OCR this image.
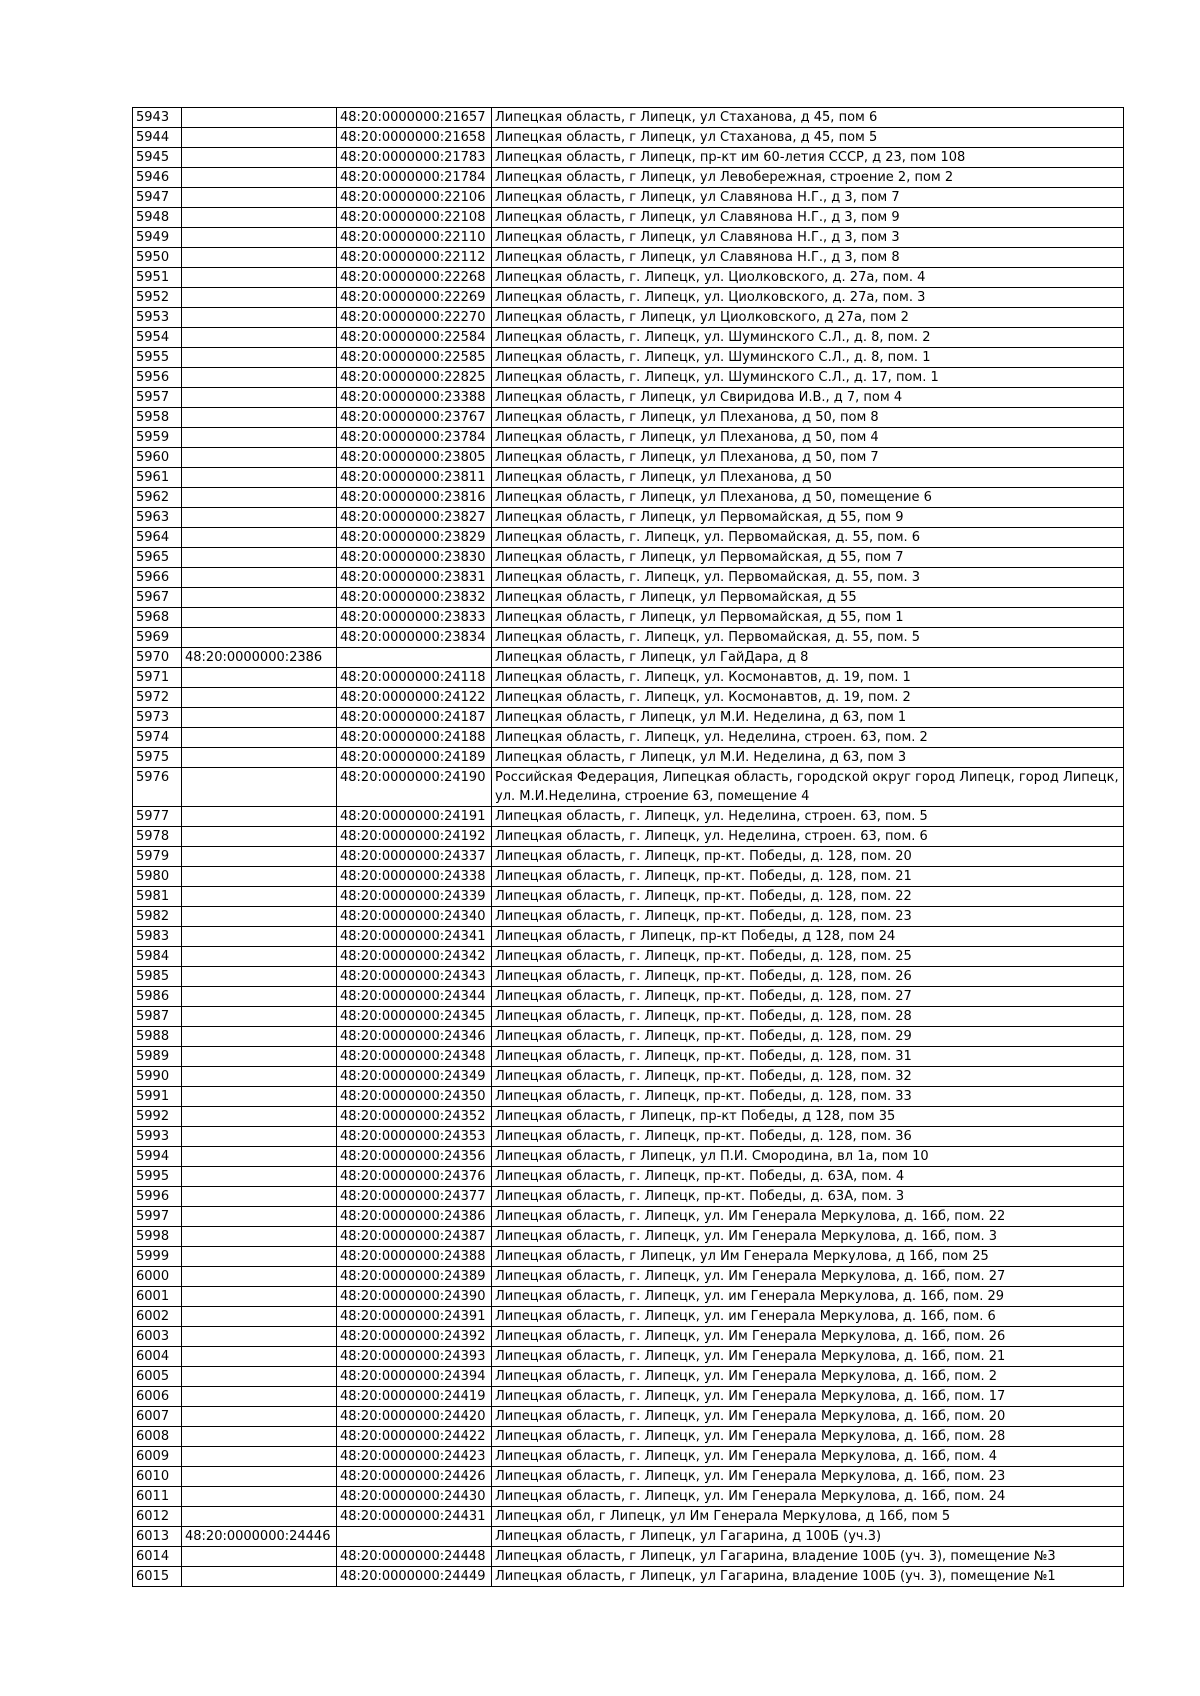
5943		48:20:0000000:21657	Липецкая область, г Липецк, ул Стаханова, д 45, пом 6
5944		48:20:0000000:21658	Липецкая область, г Липецк, ул Стаханова, д 45, пом 5
5945		48:20:0000000:21783	Липецкая область, г Липецк, пр-кт им 60-летия СССР, д 23, пом 108
5946		48:20:0000000:21784	Липецкая область, г Липецк, ул Левобережная, строение 2, пом 2
5947		48:20:0000000:22106	Липецкая область, г Липецк, ул Славянова Н.Г., д 3, пом 7
5948		48:20:0000000:22108	Липецкая область, г Липецк, ул Славянова Н.Г., д 3, пом 9
5949		48:20:0000000:22110	Липецкая область, г Липецк, ул Славянова Н.Г., д 3, пом 3
5950		48:20:0000000:22112	Липецкая область, г Липецк, ул Славянова Н.Г., д 3, пом 8
5951		48:20:0000000:22268	Липецкая область, г. Липецк, ул. Циолковского, д. 27а, пом. 4
5952		48:20:0000000:22269	Липецкая область, г. Липецк, ул. Циолковского, д. 27а, пом. 3
5953		48:20:0000000:22270	Липецкая область, г Липецк, ул Циолковского, д 27а, пом 2
5954		48:20:0000000:22584	Липецкая область, г. Липецк, ул. Шуминского С.Л., д. 8, пом. 2
5955		48:20:0000000:22585	Липецкая область, г. Липецк, ул. Шуминского С.Л., д. 8, пом. 1
5956		48:20:0000000:22825	Липецкая область, г. Липецк, ул. Шуминского С.Л., д. 17, пом. 1
5957		48:20:0000000:23388	Липецкая область, г Липецк, ул Свиридова И.В., д 7, пом 4
5958		48:20:0000000:23767	Липецкая область, г Липецк, ул Плеханова, д 50, пом 8
5959		48:20:0000000:23784	Липецкая область, г Липецк, ул Плеханова, д 50, пом 4
5960		48:20:0000000:23805	Липецкая область, г Липецк, ул Плеханова, д 50, пом 7
5961		48:20:0000000:23811	Липецкая область, г Липецк, ул Плеханова, д 50
5962		48:20:0000000:23816	Липецкая область, г Липецк, ул Плеханова, д 50, помещение 6
5963		48:20:0000000:23827	Липецкая область, г Липецк, ул Первомайская, д 55, пом 9
5964		48:20:0000000:23829	Липецкая область, г. Липецк, ул. Первомайская, д. 55, пом. 6
5965		48:20:0000000:23830	Липецкая область, г Липецк, ул Первомайская, д 55, пом 7
5966		48:20:0000000:23831	Липецкая область, г. Липецк, ул. Первомайская, д. 55, пом. 3
5967		48:20:0000000:23832	Липецкая область, г Липецк, ул Первомайская, д 55
5968		48:20:0000000:23833	Липецкая область, г Липецк, ул Первомайская, д 55, пом 1
5969		48:20:0000000:23834	Липецкая область, г. Липецк, ул. Первомайская, д. 55, пом. 5
5970	48:20:0000000:2386		Липецкая область, г Липецк, ул ГайДара, д 8
5971		48:20:0000000:24118	Липецкая область, г. Липецк, ул. Космонавтов, д. 19, пом. 1
5972		48:20:0000000:24122	Липецкая область, г. Липецк, ул. Космонавтов, д. 19, пом. 2
5973		48:20:0000000:24187	Липецкая область, г Липецк, ул М.И. Неделина, д 63, пом 1
5974		48:20:0000000:24188	Липецкая область, г. Липецк, ул. Неделина, строен. 63, пом. 2
5975		48:20:0000000:24189	Липецкая область, г Липецк, ул М.И. Неделина, д 63, пом 3
5976		48:20:0000000:24190	Российская Федерация, Липецкая область, городской округ город Липецк, город Липецк, ул. М.И.Неделина, строение 63, помещение 4
5977		48:20:0000000:24191	Липецкая область, г. Липецк, ул. Неделина, строен. 63, пом. 5
5978		48:20:0000000:24192	Липецкая область, г. Липецк, ул. Неделина, строен. 63, пом. 6
5979		48:20:0000000:24337	Липецкая область, г. Липецк, пр-кт. Победы, д. 128, пом. 20
5980		48:20:0000000:24338	Липецкая область, г. Липецк, пр-кт. Победы, д. 128, пом. 21
5981		48:20:0000000:24339	Липецкая область, г. Липецк, пр-кт. Победы, д. 128, пом. 22
5982		48:20:0000000:24340	Липецкая область, г. Липецк, пр-кт. Победы, д. 128, пом. 23
5983		48:20:0000000:24341	Липецкая область, г Липецк, пр-кт Победы, д 128, пом 24
5984		48:20:0000000:24342	Липецкая область, г. Липецк, пр-кт. Победы, д. 128, пом. 25
5985		48:20:0000000:24343	Липецкая область, г. Липецк, пр-кт. Победы, д. 128, пом. 26
5986		48:20:0000000:24344	Липецкая область, г. Липецк, пр-кт. Победы, д. 128, пом. 27
5987		48:20:0000000:24345	Липецкая область, г. Липецк, пр-кт. Победы, д. 128, пом. 28
5988		48:20:0000000:24346	Липецкая область, г. Липецк, пр-кт. Победы, д. 128, пом. 29
5989		48:20:0000000:24348	Липецкая область, г. Липецк, пр-кт. Победы, д. 128, пом. 31
5990		48:20:0000000:24349	Липецкая область, г. Липецк, пр-кт. Победы, д. 128, пом. 32
5991		48:20:0000000:24350	Липецкая область, г. Липецк, пр-кт. Победы, д. 128, пом. 33
5992		48:20:0000000:24352	Липецкая область, г Липецк, пр-кт Победы, д 128, пом 35
5993		48:20:0000000:24353	Липецкая область, г. Липецк, пр-кт. Победы, д. 128, пом. 36
5994		48:20:0000000:24356	Липецкая область, г Липецк, ул П.И. Смородина, вл 1а, пом 10
5995		48:20:0000000:24376	Липецкая область, г. Липецк, пр-кт. Победы, д. 63А, пом. 4
5996		48:20:0000000:24377	Липецкая область, г. Липецк, пр-кт. Победы, д. 63А, пом. 3
5997		48:20:0000000:24386	Липецкая область, г. Липецк, ул. Им Генерала Меркулова, д. 16б, пом. 22
5998		48:20:0000000:24387	Липецкая область, г. Липецк, ул. Им Генерала Меркулова, д. 16б, пом. 3
5999		48:20:0000000:24388	Липецкая область, г Липецк, ул Им Генерала Меркулова, д 16б, пом 25
6000		48:20:0000000:24389	Липецкая область, г. Липецк, ул. Им Генерала Меркулова, д. 16б, пом. 27
6001		48:20:0000000:24390	Липецкая область, г. Липецк, ул. им Генерала Меркулова, д. 16б, пом. 29
6002		48:20:0000000:24391	Липецкая область, г. Липецк, ул. им Генерала Меркулова, д. 16б, пом. 6
6003		48:20:0000000:24392	Липецкая область, г. Липецк, ул. Им Генерала Меркулова, д. 16б, пом. 26
6004		48:20:0000000:24393	Липецкая область, г. Липецк, ул. Им Генерала Меркулова, д. 16б, пом. 21
6005		48:20:0000000:24394	Липецкая область, г. Липецк, ул. Им Генерала Меркулова, д. 16б, пом. 2
6006		48:20:0000000:24419	Липецкая область, г. Липецк, ул. Им Генерала Меркулова, д. 16б, пом. 17
6007		48:20:0000000:24420	Липецкая область, г. Липецк, ул. Им Генерала Меркулова, д. 16б, пом. 20
6008		48:20:0000000:24422	Липецкая область, г. Липецк, ул. Им Генерала Меркулова, д. 16б, пом. 28
6009		48:20:0000000:24423	Липецкая область, г. Липецк, ул. Им Генерала Меркулова, д. 16б, пом. 4
6010		48:20:0000000:24426	Липецкая область, г. Липецк, ул. Им Генерала Меркулова, д. 16б, пом. 23
6011		48:20:0000000:24430	Липецкая область, г. Липецк, ул. Им Генерала Меркулова, д. 16б, пом. 24
6012		48:20:0000000:24431	Липецкая обл, г Липецк, ул Им Генерала Меркулова, д 16б, пом 5
6013	48:20:0000000:24446		Липецкая область, г Липецк, ул Гагарина, д 100Б (уч.3)
6014		48:20:0000000:24448	Липецкая область, г Липецк, ул Гагарина, владение 100Б (уч. 3), помещение №3
6015		48:20:0000000:24449	Липецкая область, г Липецк, ул Гагарина, владение 100Б (уч. 3), помещение №1
